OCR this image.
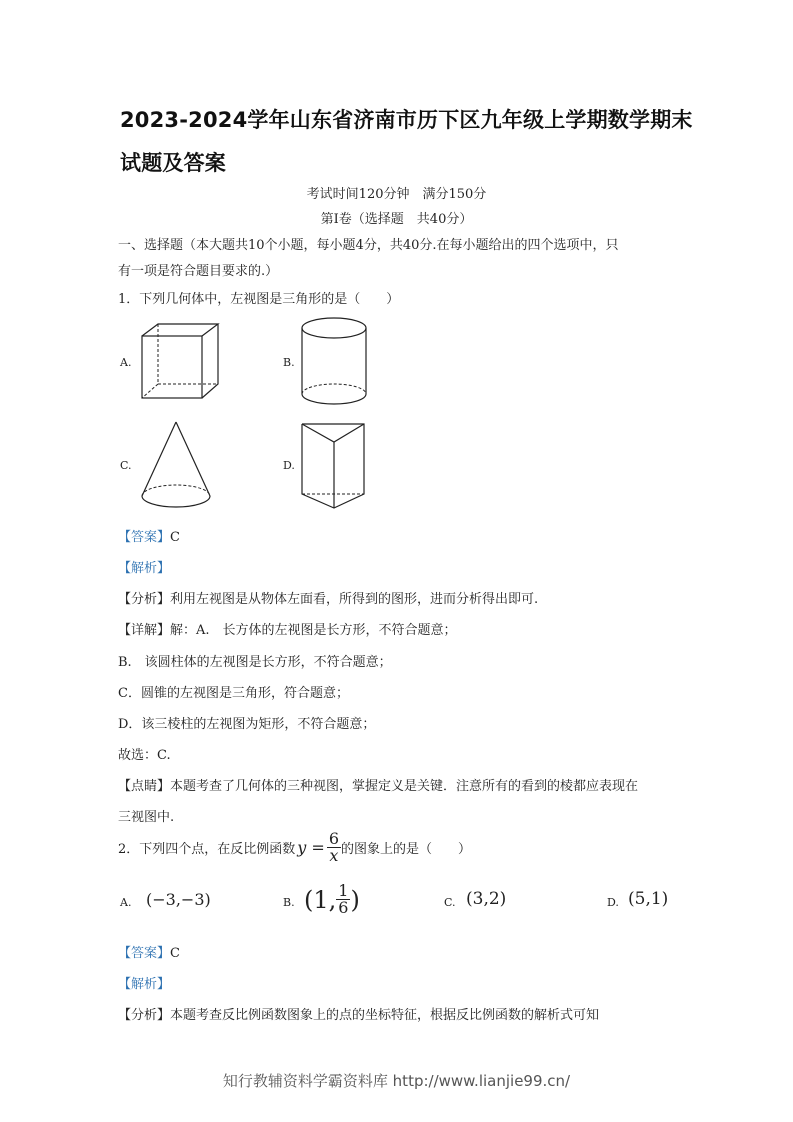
2023-2024学年山东省济南市历下区九年级上学期数学期末
试题及答案
考试时间120分钟　满分150分
第Ⅰ卷（选择题　共40分）
一、选择题（本大题共10个小题，每小题4分，共40分.在每小题给出的四个选项中，只
有一项是符合题目要求的.）
1．下列几何体中，左视图是三角形的是（　　）
A.	B.
C.	D.
【答案】C
【解析】
【分析】利用左视图是从物体左面看，所得到的图形，进而分析得出即可.
【详解】解：A.　长方体的左视图是长方形，不符合题意；
B.　该圆柱体的左视图是长方形，不符合题意；
C．圆锥的左视图是三角形，符合题意；
D．该三棱柱的左视图为矩形，不符合题意；
故选：C.
【点睛】本题考查了几何体的三种视图，掌握定义是关键．注意所有的看到的棱都应表现在
三视图中.
2．下列四个点，在反比例函数 $y = \frac{6}{x}$ 的图象上的是（　　）
A. (−3,−3)	B. (1, $\frac{1}{6}$ )	C. (3,2)	D. (5,1)
【答案】C
【解析】
【分析】本题考查反比例函数图象上的点的坐标特征，根据反比例函数的解析式可知
知行教辅资料学霸资料库 http://www.lianjie99.cn/
